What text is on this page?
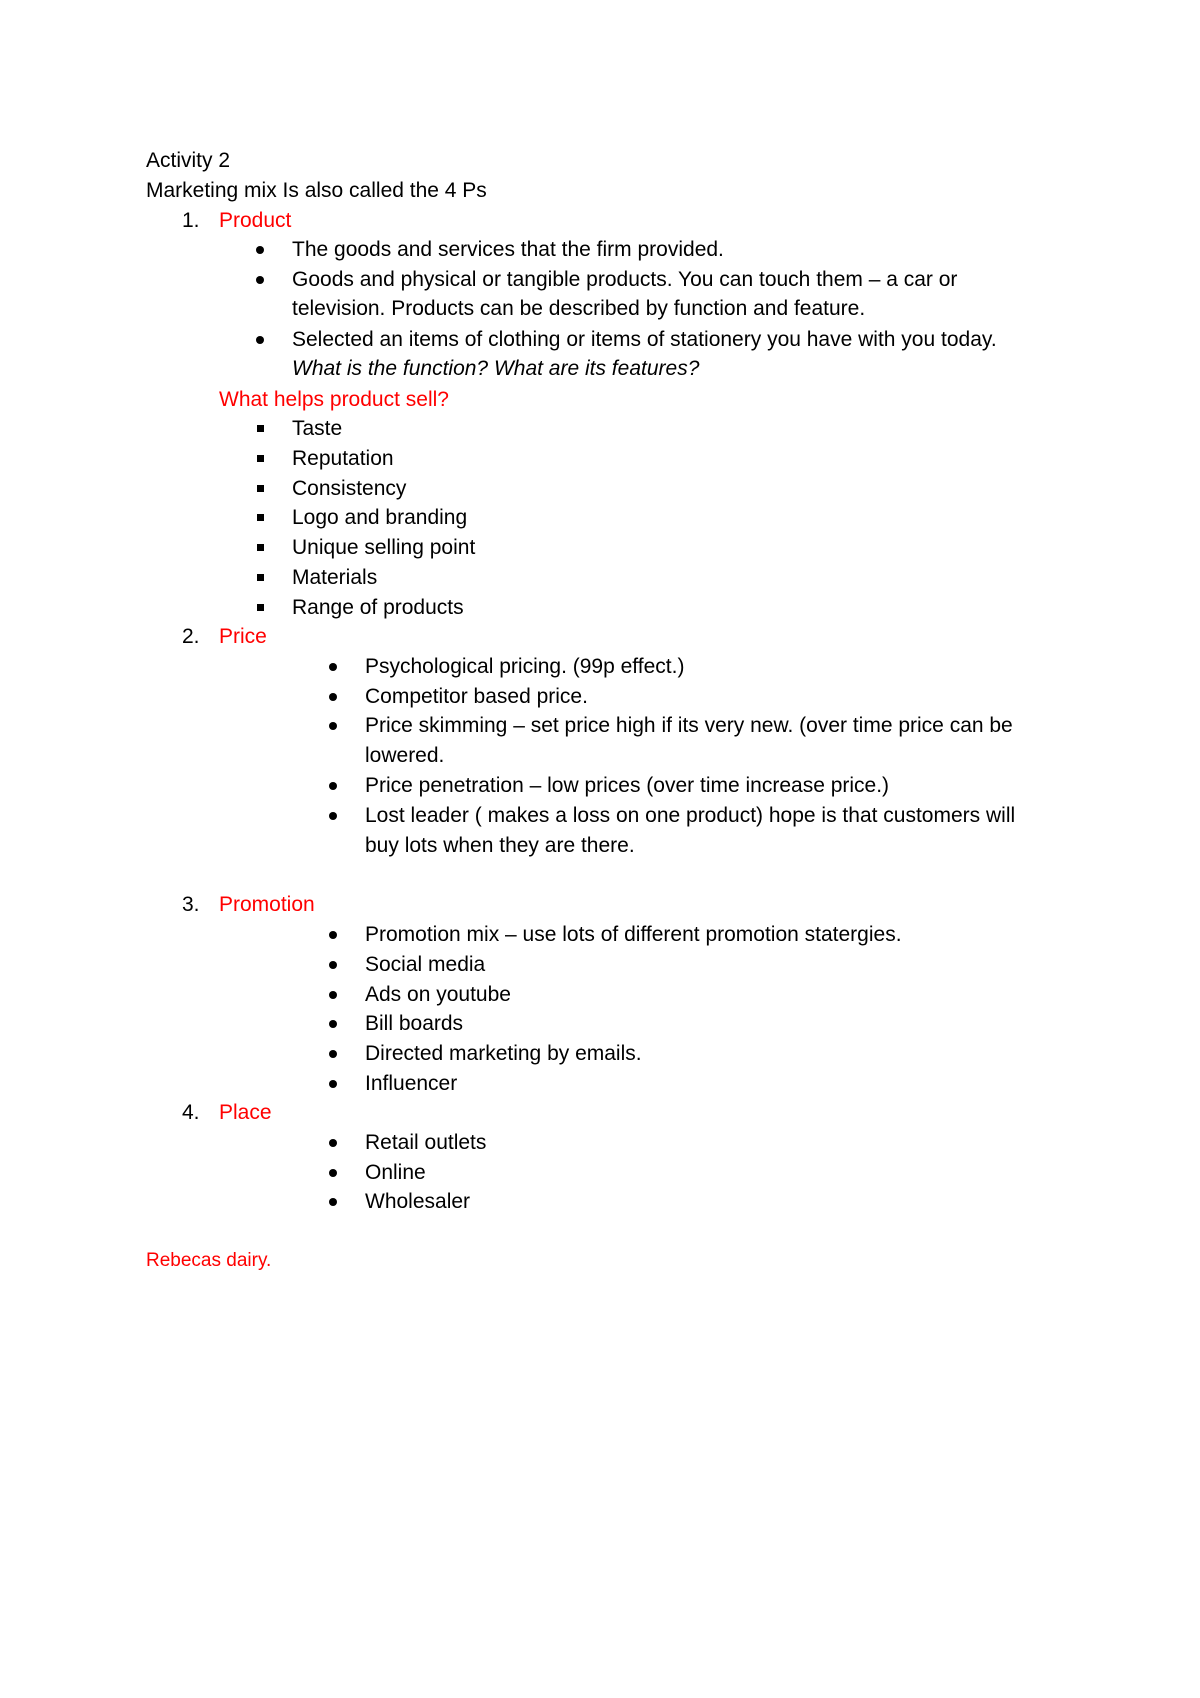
Activity 2
Marketing mix Is also called the 4 Ps
1. Product
The goods and services that the firm provided.
Goods and physical or tangible products. You can touch them – a car or
television. Products can be described by function and feature.
Selected an items of clothing or items of stationery you have with you today.
What is the function? What are its features?
What helps product sell?
Taste
Reputation
Consistency
Logo and branding
Unique selling point
Materials
Range of products
2. Price
Psychological pricing. (99p effect.)
Competitor based price.
Price skimming – set price high if its very new. (over time price can be
lowered.
Price penetration – low prices (over time increase price.)
Lost leader ( makes a loss on one product) hope is that customers will
buy lots when they are there.
3. Promotion
Promotion mix – use lots of different promotion statergies.
Social media
Ads on youtube
Bill boards
Directed marketing by emails.
Influencer
4. Place
Retail outlets
Online
Wholesaler
Rebecas dairy.
